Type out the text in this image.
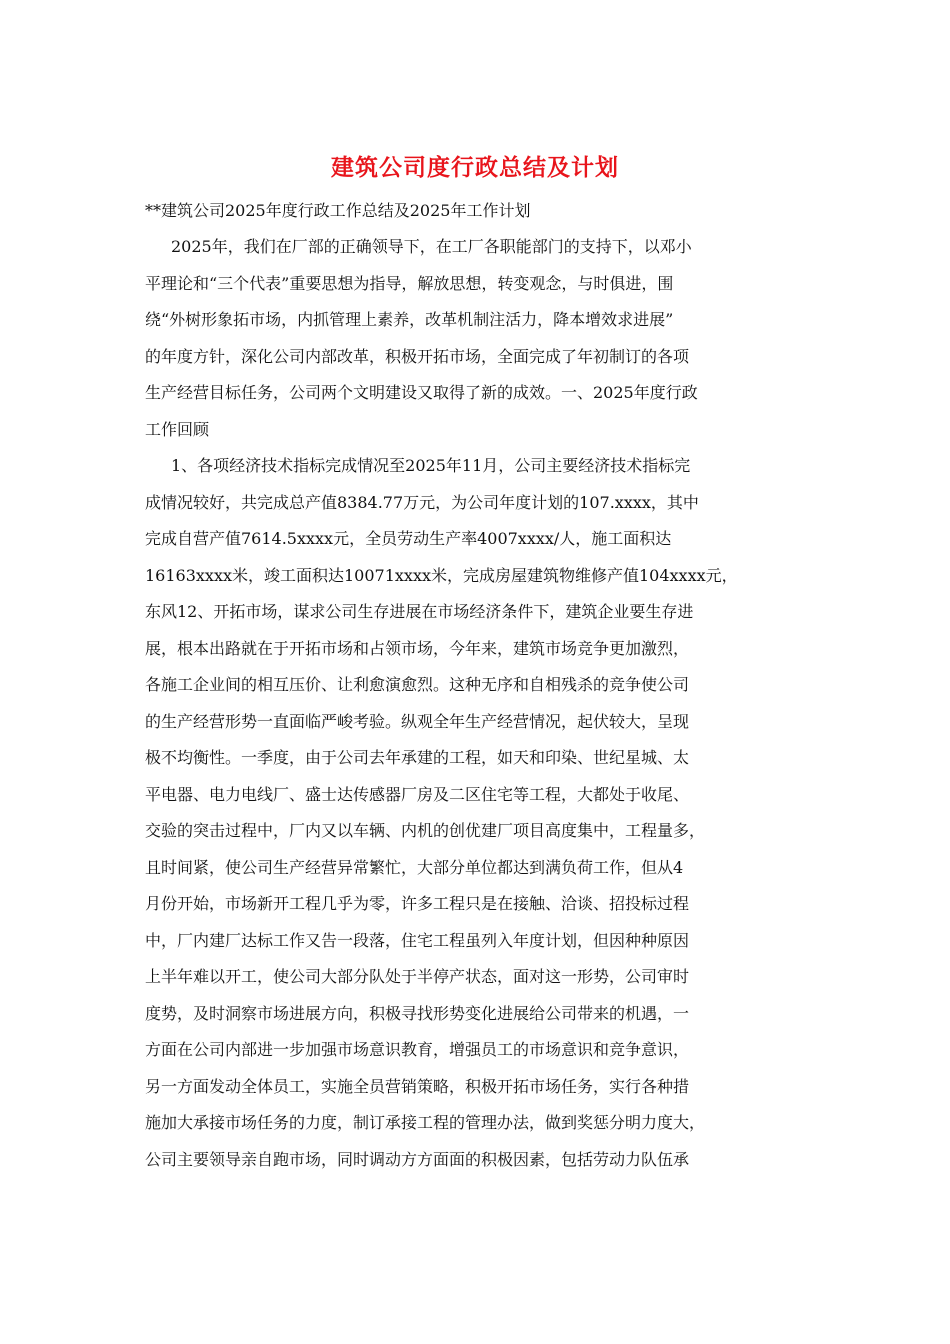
建筑公司度行政总结及计划

**建筑公司2025年度行政工作总结及2025年工作计划

2025年，我们在厂部的正确领导下，在工厂各职能部门的支持下，以邓小
平理论和“三个代表”重要思想为指导，解放思想，转变观念，与时俱进，围
绕“外树形象拓市场，内抓管理上素养，改革机制注活力，降本增效求进展”
的年度方针，深化公司内部改革，积极开拓市场，全面完成了年初制订的各项
生产经营目标任务，公司两个文明建设又取得了新的成效。一、2025年度行政
工作回顾

1、各项经济技术指标完成情况至2025年11月，公司主要经济技术指标完
成情况较好，共完成总产值8384.77万元，为公司年度计划的107.xxxx，其中
完成自营产值7614.5xxxx元，全员劳动生产率4007xxxx/人，施工面积达
16163xxxx米，竣工面积达10071xxxx米，完成房屋建筑物维修产值104xxxx元，
东风12、开拓市场，谋求公司生存进展在市场经济条件下，建筑企业要生存进
展，根本出路就在于开拓市场和占领市场，今年来，建筑市场竞争更加激烈，
各施工企业间的相互压价、让利愈演愈烈。这种无序和自相残杀的竞争使公司
的生产经营形势一直面临严峻考验。纵观全年生产经营情况，起伏较大，呈现
极不均衡性。一季度，由于公司去年承建的工程，如天和印染、世纪星城、太
平电器、电力电线厂、盛士达传感器厂房及二区住宅等工程，大都处于收尾、
交验的突击过程中，厂内又以车辆、内机的创优建厂项目高度集中，工程量多，
且时间紧，使公司生产经营异常繁忙，大部分单位都达到满负荷工作，但从4
月份开始，市场新开工程几乎为零，许多工程只是在接触、洽谈、招投标过程
中，厂内建厂达标工作又告一段落，住宅工程虽列入年度计划，但因种种原因
上半年难以开工，使公司大部分队处于半停产状态，面对这一形势，公司审时
度势，及时洞察市场进展方向，积极寻找形势变化进展给公司带来的机遇，一
方面在公司内部进一步加强市场意识教育，增强员工的市场意识和竞争意识，
另一方面发动全体员工，实施全员营销策略，积极开拓市场任务，实行各种措
施加大承接市场任务的力度，制订承接工程的管理办法，做到奖惩分明力度大，
公司主要领导亲自跑市场，同时调动方方面面的积极因素，包括劳动力队伍承
